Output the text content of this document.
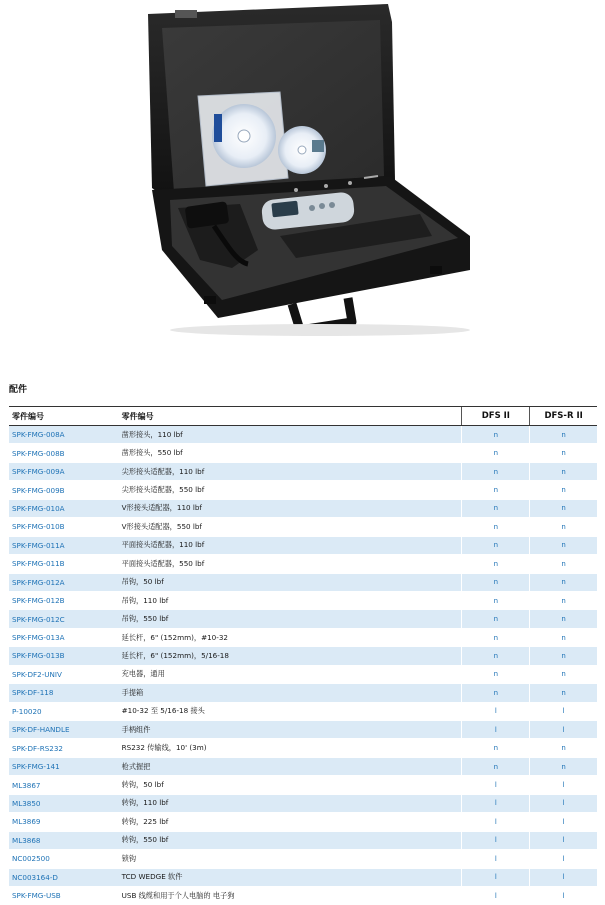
配件
零件编号	零件编号	DFS II	DFS-R II
SPK-FMG-008A	凿形接头，110 lbf	n	n
SPK-FMG-008B	凿形接头，550 lbf	n	n
SPK-FMG-009A	尖形接头适配器，110 lbf	n	n
SPK-FMG-009B	尖形接头适配器，550 lbf	n	n
SPK-FMG-010A	V形接头适配器，110 lbf	n	n
SPK-FMG-010B	V形接头适配器，550 lbf	n	n
SPK-FMG-011A	平面接头适配器，110 lbf	n	n
SPK-FMG-011B	平面接头适配器，550 lbf	n	n
SPK-FMG-012A	吊钩，50 lbf	n	n
SPK-FMG-012B	吊钩，110 lbf	n	n
SPK-FMG-012C	吊钩，550 lbf	n	n
SPK-FMG-013A	延长杆，6" (152mm)，#10-32	n	n
SPK-FMG-013B	延长杆，6" (152mm)，5/16-18	n	n
SPK-DF2-UNIV	充电器，通用	n	n
SPK-DF-118	手提箱	n	n
P-10020	#10-32 至 5/16-18 接头	l	l
SPK-DF-HANDLE	手柄组件	l	l
SPK-DF-RS232	RS232 传输线，10' (3m)	n	n
SPK-FMG-141	枪式握把	n	n
ML3867	转钩，50 lbf	l	l
ML3850	转钩，110 lbf	l	l
ML3869	转钩，225 lbf	l	l
ML3868	转钩，550 lbf	l	l
NC002500	锁钩	l	l
NC003164-D	TCD WEDGE 软件	l	l
SPK-FMG-USB	USB 线缆和用于个人电脑的 电子狗	l	l
